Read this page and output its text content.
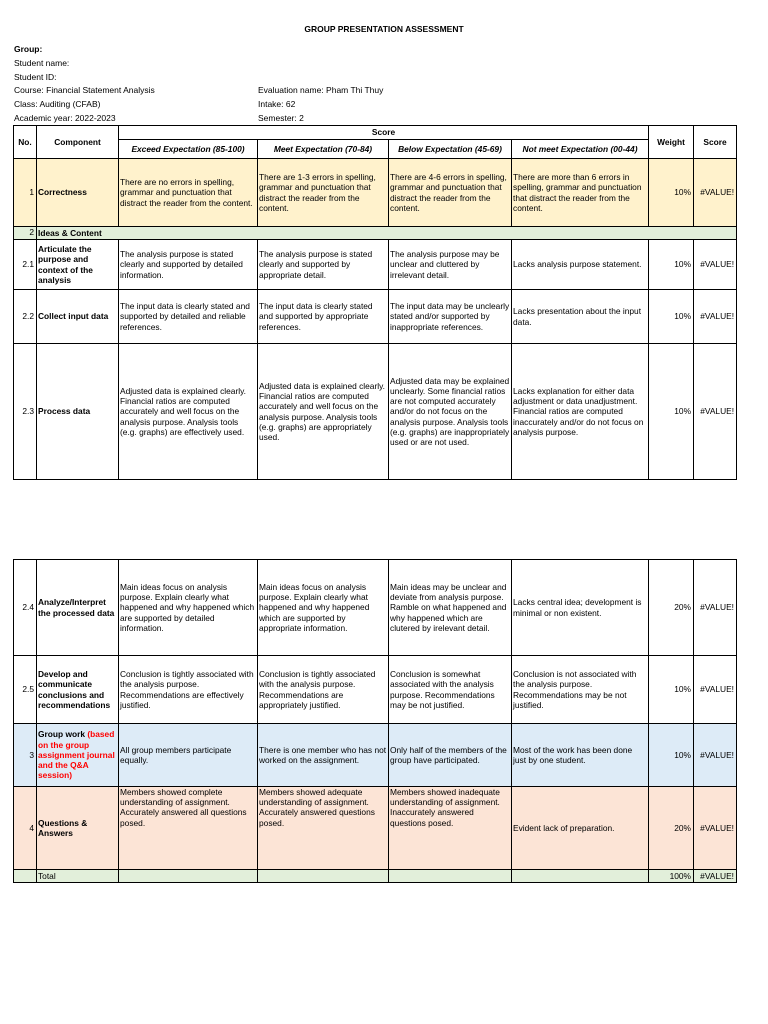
GROUP PRESENTATION ASSESSMENT
Group:
Student name:
Student ID:
Course: Financial Statement Analysis
Class: Auditing (CFAB)
Academic year: 2022-2023
Evaluation name: Pham Thi Thuy
Intake: 62
Semester: 2
No.	Component	Score				Weight	Score
		Exceed Expectation (85-100)	Meet Expectation (70-84)	Below Expectation (45-69)	Not meet Expectation (00-44)		
1	Correctness	There are no errors in spelling, grammar and punctuation that distract the reader from the content.	There are 1-3 errors in spelling, grammar and punctuation that distract the reader from the content.	There are 4-6 errors in spelling, grammar and punctuation that distract the reader from the content.	There are more than 6 errors in spelling, grammar and punctuation that distract the reader from the content.	10%	#VALUE!
2	Ideas & Content						
2.1	Articulate the purpose and context of the analysis	The analysis purpose is stated clearly and supported by detailed information.	The analysis purpose is stated clearly and supported by appropriate detail.	The analysis purpose may be unclear and cluttered by irrelevant detail.	Lacks analysis purpose statement.	10%	#VALUE!
2.2	Collect input data	The input data is clearly stated and supported by detailed and reliable references.	The input data is clearly stated and supported by appropriate references.	The input data may be unclearly stated and/or supported by inappropriate references.	Lacks presentation about the input data.	10%	#VALUE!
2.3	Process data	Adjusted data is explained clearly. Financial ratios are computed accurately and well focus on the analysis purpose. Analysis tools (e.g. graphs) are effectively used.	Adjusted data is explained clearly. Financial ratios are computed accurately and well focus on the analysis purpose. Analysis tools (e.g. graphs) are appropriately used.	Adjusted data may be explained unclearly. Some financial ratios are not computed accurately and/or do not focus on the analysis purpose. Analysis tools (e.g. graphs) are inappropriately used or are not used.	Lacks explanation for either data adjustment or data unadjustment. Financial ratios are computed inaccurately and/or do not focus on analysis purpose.	10%	#VALUE!
2.4	Analyze/Interpret the processed data	Main ideas focus on analysis purpose. Explain clearly what happened and why happened which are supported by detailed information.	Main ideas focus on analysis purpose. Explain clearly what happened and why happened which are supported by appropriate information.	Main ideas may be unclear and deviate from analysis purpose. Ramble on what happened and why happened which are clutered by irelevant detail.	Lacks central idea; development is minimal or non existent.	20%	#VALUE!
2.5	Develop and communicate conclusions and recommendations	Conclusion is tightly associated with the analysis purpose. Recommendations are effectively justified.	Conclusion is tightly associated with the analysis purpose. Recommendations are appropriately justified.	Conclusion is somewhat associated with the analysis purpose. Recommendations may be not justified.	Conclusion is not associated with the analysis purpose. Recommendations may be not justified.	10%	#VALUE!
3	Group work (based on the group assignment journal and the Q&A session)	All group members participate equally.	There is one member who has not worked on the assignment.	Only half of the members of the group have participated.	Most of the work has been done just by one student.	10%	#VALUE!
4	Questions & Answers	Members showed complete understanding of assignment. Accurately answered all questions posed.	Members showed adequate understanding of assignment. Accurately answered questions posed.	Members showed inadequate understanding of assignment. Inaccurately answered questions posed.	Evident lack of preparation.	20%	#VALUE!
	Total					100%	#VALUE!
